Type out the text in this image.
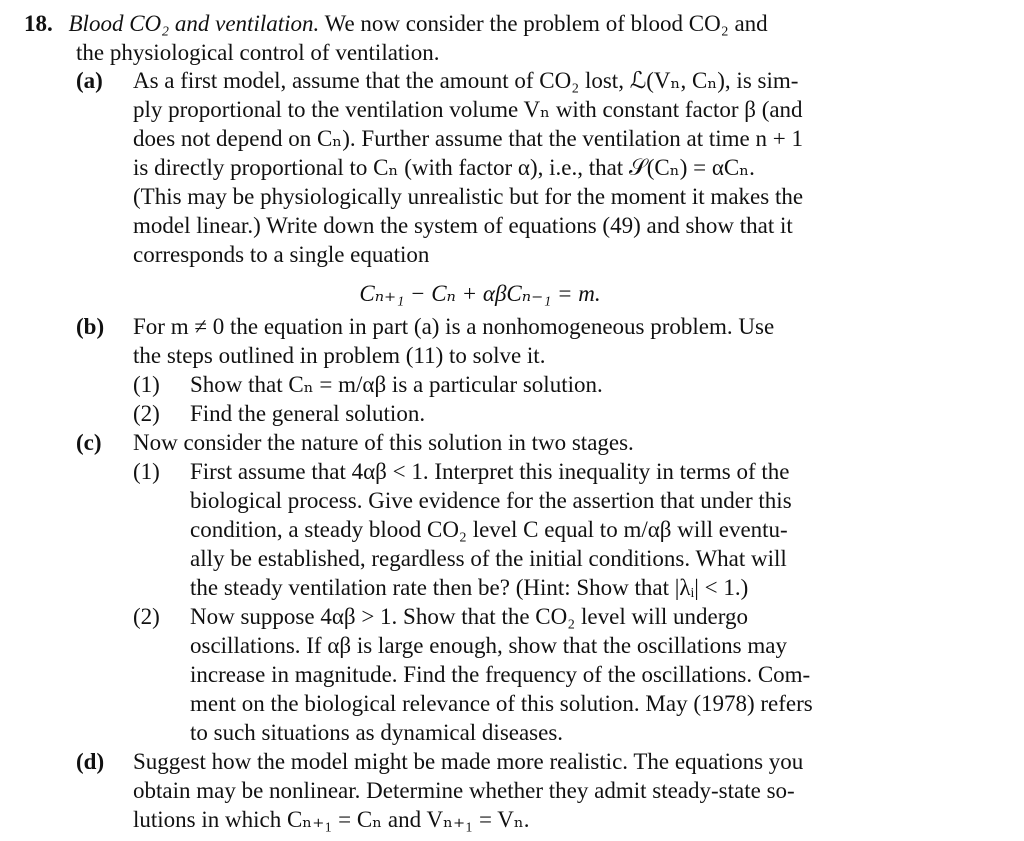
18. Blood CO₂ and ventilation. We now consider the problem of blood CO₂ and
the physiological control of ventilation.
(a) As a first model, assume that the amount of CO₂ lost, ℒ(Vₙ, Cₙ), is sim-
ply proportional to the ventilation volume Vₙ with constant factor β (and
does not depend on Cₙ). Further assume that the ventilation at time n + 1
is directly proportional to Cₙ (with factor α), i.e., that 𝒮(Cₙ) = αCₙ.
(This may be physiologically unrealistic but for the moment it makes the
model linear.) Write down the system of equations (49) and show that it
corresponds to a single equation
Cₙ₊₁ − Cₙ + αβCₙ₋₁ = m.
(b) For m ≠ 0 the equation in part (a) is a nonhomogeneous problem. Use
the steps outlined in problem (11) to solve it.
(1) Show that Cₙ = m/αβ is a particular solution.
(2) Find the general solution.
(c) Now consider the nature of this solution in two stages.
(1) First assume that 4αβ < 1. Interpret this inequality in terms of the
biological process. Give evidence for the assertion that under this
condition, a steady blood CO₂ level C equal to m/αβ will eventu-
ally be established, regardless of the initial conditions. What will
the steady ventilation rate then be? (Hint: Show that |λᵢ| < 1.)
(2) Now suppose 4αβ > 1. Show that the CO₂ level will undergo
oscillations. If αβ is large enough, show that the oscillations may
increase in magnitude. Find the frequency of the oscillations. Com-
ment on the biological relevance of this solution. May (1978) refers
to such situations as dynamical diseases.
(d) Suggest how the model might be made more realistic. The equations you
obtain may be nonlinear. Determine whether they admit steady-state so-
lutions in which Cₙ₊₁ = Cₙ and Vₙ₊₁ = Vₙ.
